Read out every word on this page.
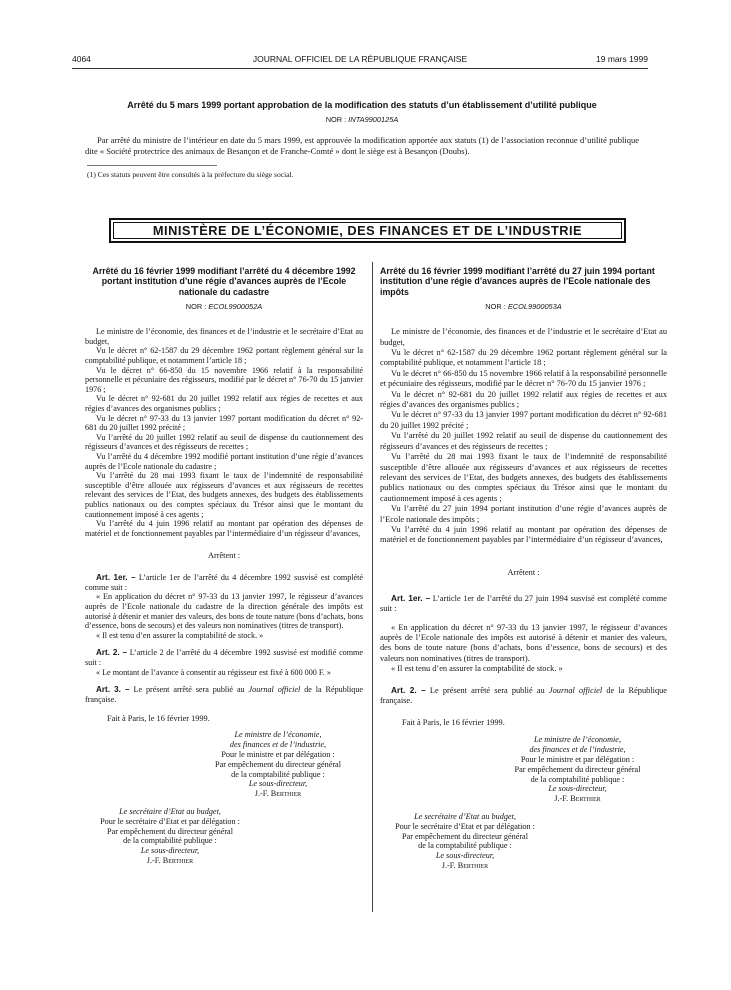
4064	JOURNAL OFFICIEL DE LA RÉPUBLIQUE FRANÇAISE	19 mars 1999

Arrêté du 5 mars 1999 portant approbation de la modification des statuts d’un établissement d’utilité publique

NOR : INTA9900125A

Par arrêté du ministre de l’intérieur en date du 5 mars 1999, est approuvée la modification apportée aux statuts (1) de l’association reconnue d’utilité publique dite « Société protectrice des animaux de Besançon et de Franche-Comté » dont le siège est à Besançon (Doubs).

(1) Ces statuts peuvent être consultés à la préfecture du siège social.

MINISTÈRE DE L’ÉCONOMIE, DES FINANCES ET DE L’INDUSTRIE

Arrêté du 16 février 1999 modifiant l’arrêté du 4 décembre 1992 portant institution d’une régie d’avances auprès de l’Ecole nationale du cadastre

NOR : ECOL9900052A

Le ministre de l’économie, des finances et de l’industrie et le secrétaire d’Etat au budget,

Vu le décret n° 62-1587 du 29 décembre 1962 portant règlement général sur la comptabilité publique, et notamment l’article 18 ;

Vu le décret n° 66-850 du 15 novembre 1966 relatif à la responsabilité personnelle et pécuniaire des régisseurs, modifié par le décret n° 76-70 du 15 janvier 1976 ;

Vu le décret n° 92-681 du 20 juillet 1992 relatif aux régies de recettes et aux régies d’avances des organismes publics ;

Vu le décret n° 97-33 du 13 janvier 1997 portant modification du décret n° 92-681 du 20 juillet 1992 précité ;

Vu l’arrêté du 20 juillet 1992 relatif au seuil de dispense du cautionnement des régisseurs d’avances et des régisseurs de recettes ;

Vu l’arrêté du 4 décembre 1992 modifié portant institution d’une régie d’avances auprès de l’Ecole nationale du cadastre ;

Vu l’arrêté du 28 mai 1993 fixant le taux de l’indemnité de responsabilité susceptible d’être allouée aux régisseurs d’avances et aux régisseurs de recettes relevant des services de l’Etat, des budgets annexes, des budgets des établissements publics nationaux ou des comptes spéciaux du Trésor ainsi que le montant du cautionnement imposé à ces agents ;

Vu l’arrêté du 4 juin 1996 relatif au montant par opération des dépenses de matériel et de fonctionnement payables par l’intermédiaire d’un régisseur d’avances,

Arrêtent :

Art. 1er. – L’article 1er de l’arrêté du 4 décembre 1992 susvisé est complété comme suit :

« En application du décret n° 97-33 du 13 janvier 1997, le régisseur d’avances auprès de l’Ecole nationale du cadastre de la direction générale des impôts est autorisé à détenir et manier des valeurs, des bons de toute nature (bons d’achats, bons d’essence, bons de secours) et des valeurs non nominatives (titres de transport).

« Il est tenu d’en assurer la comptabilité de stock. »

Art. 2. – L’article 2 de l’arrêté du 4 décembre 1992 susvisé est modifié comme suit :

« Le montant de l’avance à consentir au régisseur est fixé à 600 000 F. »

Art. 3. – Le présent arrêté sera publié au Journal officiel de la République française.

Fait à Paris, le 16 février 1999.

Le ministre de l’économie,

des finances et de l’industrie,

Pour le ministre et par délégation :

Par empêchement du directeur général

de la comptabilité publique :

Le sous-directeur,

J.-F. Berthier

Le secrétaire d’Etat au budget,

Pour le secrétaire d’Etat et par délégation :

Par empêchement du directeur général

de la comptabilité publique :

Le sous-directeur,

J.-F. Berthier

Arrêté du 16 février 1999 modifiant l’arrêté du 27 juin 1994 portant institution d’une régie d’avances auprès de l’Ecole nationale des impôts

NOR : ECOL9900053A

Le ministre de l’économie, des finances et de l’industrie et le secrétaire d’Etat au budget,

Vu le décret n° 62-1587 du 29 décembre 1962 portant règlement général sur la comptabilité publique, et notamment l’article 18 ;

Vu le décret n° 66-850 du 15 novembre 1966 relatif à la responsabilité personnelle et pécuniaire des régisseurs, modifié par le décret n° 76-70 du 15 janvier 1976 ;

Vu le décret n° 92-681 du 20 juillet 1992 relatif aux régies de recettes et aux régies d’avances des organismes publics ;

Vu le décret n° 97-33 du 13 janvier 1997 portant modification du décret n° 92-681 du 20 juillet 1992 précité ;

Vu l’arrêté du 20 juillet 1992 relatif au seuil de dispense du cautionnement des régisseurs d’avances et des régisseurs de recettes ;

Vu l’arrêté du 28 mai 1993 fixant le taux de l’indemnité de responsabilité susceptible d’être allouée aux régisseurs d’avances et aux régisseurs de recettes relevant des services de l’Etat, des budgets annexes, des budgets des établissements publics nationaux ou des comptes spéciaux du Trésor ainsi que le montant du cautionnement imposé à ces agents ;

Vu l’arrêté du 27 juin 1994 portant institution d’une régie d’avances auprès de l’Ecole nationale des impôts ;

Vu l’arrêté du 4 juin 1996 relatif au montant par opération des dépenses de matériel et de fonctionnement payables par l’intermédiaire d’un régisseur d’avances,

Arrêtent :

Art. 1er. – L’article 1er de l’arrêté du 27 juin 1994 susvisé est complété comme suit :

« En application du décret n° 97-33 du 13 janvier 1997, le régisseur d’avances auprès de l’Ecole nationale des impôts est autorisé à détenir et manier des valeurs, des bons de toute nature (bons d’achats, bons d’essence, bons de secours) et des valeurs non nominatives (titres de transport).

« Il est tenu d’en assurer la comptabilité de stock. »

Art. 2. – Le présent arrêté sera publié au Journal officiel de la République française.

Fait à Paris, le 16 février 1999.

Le ministre de l’économie,

des finances et de l’industrie,

Pour le ministre et par délégation :

Par empêchement du directeur général

de la comptabilité publique :

Le sous-directeur,

J.-F. Berthier

Le secrétaire d’Etat au budget,

Pour le secrétaire d’Etat et par délégation :

Par empêchement du directeur général

de la comptabilité publique :

Le sous-directeur,

J.-F. Berthier
